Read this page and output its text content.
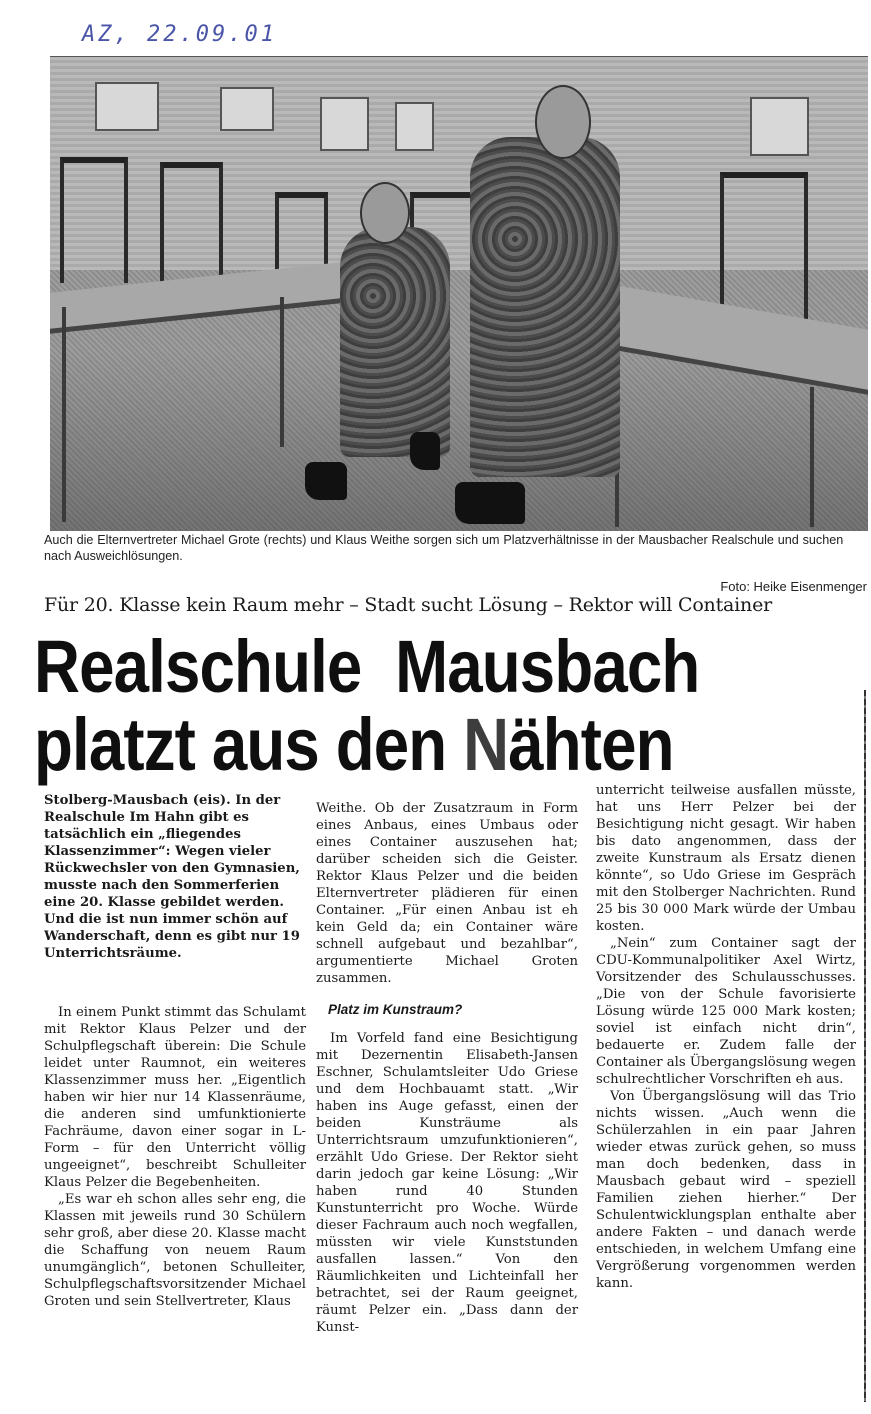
AZ, 22.09.01
Auch die Elternvertreter Michael Grote (rechts) und Klaus Weithe sorgen sich um Platzverhältnisse in der Mausbacher Realschule und suchen nach Ausweichlösungen.
Foto: Heike Eisenmenger
Für 20. Klasse kein Raum mehr – Stadt sucht Lösung – Rektor will Container
Realschule  Mausbach
platzt aus den Nähten

Stolberg-Mausbach (eis). In der Realschule Im Hahn gibt es tatsächlich ein „fliegendes Klassenzimmer“: Wegen vieler Rückwechsler von den Gymnasien, musste nach den Sommerferien eine 20. Klasse gebildet werden. Und die ist nun immer schön auf Wanderschaft, denn es gibt nur 19 Unterrichtsräume.

In einem Punkt stimmt das Schulamt mit Rektor Klaus Pelzer und der Schulpflegschaft überein: Die Schule leidet unter Raumnot, ein weiteres Klassenzimmer muss her. „Eigentlich haben wir hier nur 14 Klassenräume, die anderen sind umfunktionierte Fachräume, davon einer sogar in L-Form – für den Unterricht völlig ungeeignet“, beschreibt Schulleiter Klaus Pelzer die Begebenheiten.

„Es war eh schon alles sehr eng, die Klassen mit jeweils rund 30 Schülern sehr groß, aber diese 20. Klasse macht die Schaffung von neuem Raum unumgänglich“, betonen Schulleiter, Schulpflegschaftsvorsitzender Michael Groten und sein Stellvertreter, Klaus

Weithe. Ob der Zusatzraum in Form eines Anbaus, eines Umbaus oder eines Container auszusehen hat; darüber scheiden sich die Geister. Rektor Klaus Pelzer und die beiden Elternvertreter plädieren für einen Container. „Für einen Anbau ist eh kein Geld da; ein Container wäre schnell aufgebaut und bezahlbar“, argumentierte Michael Groten zusammen.

Platz im Kunstraum?

Im Vorfeld fand eine Besichtigung mit Dezernentin Elisabeth-Jansen Eschner, Schulamtsleiter Udo Griese und dem Hochbauamt statt. „Wir haben ins Auge gefasst, einen der beiden Kunsträume als Unterrichtsraum umzufunktionieren“, erzählt Udo Griese. Der Rektor sieht darin jedoch gar keine Lösung: „Wir haben rund 40 Stunden Kunstunterricht pro Woche. Würde dieser Fachraum auch noch wegfallen, müssten wir viele Kunststunden ausfallen lassen.“ Von den Räumlichkeiten und Lichteinfall her betrachtet, sei der Raum geeignet, räumt Pelzer ein. „Dass dann der Kunst-

unterricht teilweise ausfallen müsste, hat uns Herr Pelzer bei der Besichtigung nicht gesagt. Wir haben bis dato angenommen, dass der zweite Kunstraum als Ersatz dienen könnte“, so Udo Griese im Gespräch mit den Stolberger Nachrichten. Rund 25 bis 30 000 Mark würde der Umbau kosten.

„Nein“ zum Container sagt der CDU-Kommunalpolitiker Axel Wirtz, Vorsitzender des Schulausschusses. „Die von der Schule favorisierte Lösung würde 125 000 Mark kosten; soviel ist einfach nicht drin“, bedauerte er. Zudem falle der Container als Übergangslösung wegen schulrechtlicher Vorschriften eh aus.

Von Übergangslösung will das Trio nichts wissen. „Auch wenn die Schülerzahlen in ein paar Jahren wieder etwas zurück gehen, so muss man doch bedenken, dass in Mausbach gebaut wird – speziell Familien ziehen hierher.“ Der Schulentwicklungsplan enthalte aber andere Fakten – und danach werde entschieden, in welchem Umfang eine Vergrößerung vorgenommen werden kann.
